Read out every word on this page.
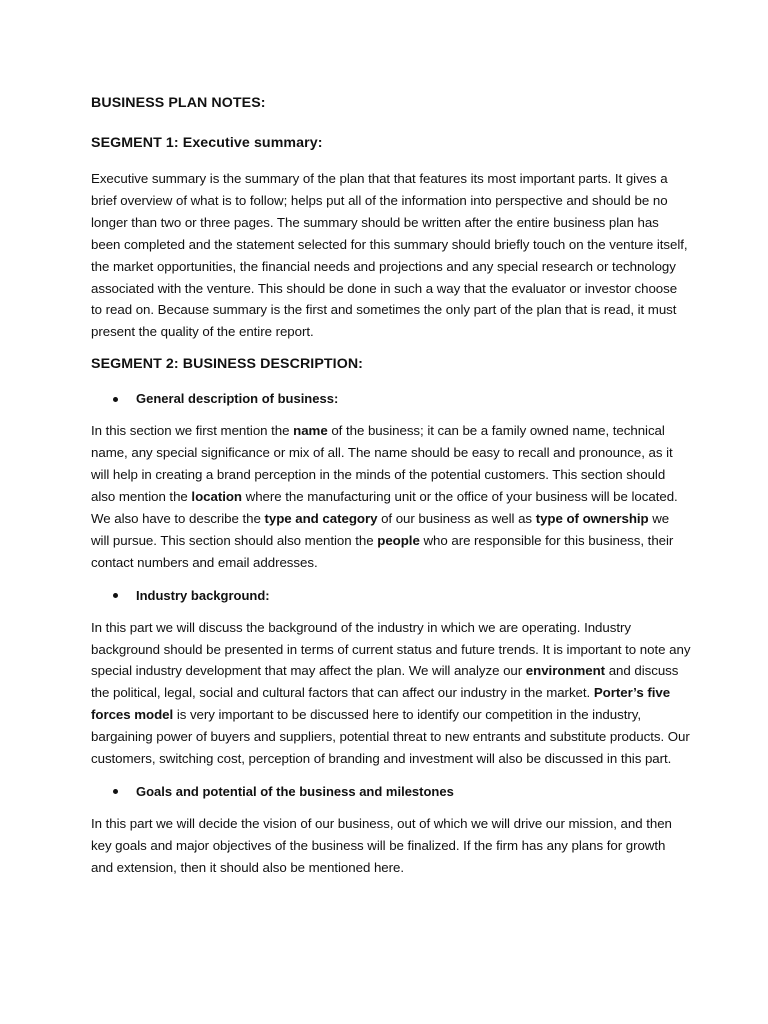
BUSINESS PLAN NOTES:
SEGMENT 1: Executive summary:

Executive summary is the summary of the plan that that features its most important parts. It gives a brief overview of what is to follow; helps put all of the information into perspective and should be no longer than two or three pages. The summary should be written after the entire business plan has been completed and the statement selected for this summary should briefly touch on the venture itself, the market opportunities, the financial needs and projections and any special research or technology associated with the venture. This should be done in such a way that the evaluator or investor choose to read on. Because summary is the first and sometimes the only part of the plan that is read, it must present the quality of the entire report.

SEGMENT 2: BUSINESS DESCRIPTION:
General description of business:

In this section we first mention the name of the business; it can be a family owned name, technical name, any special significance or mix of all. The name should be easy to recall and pronounce, as it will help in creating a brand perception in the minds of the potential customers. This section should also mention the location where the manufacturing unit or the office of your business will be located. We also have to describe the type and category of our business as well as type of ownership we will pursue. This section should also mention the people who are responsible for this business, their contact numbers and email addresses.

Industry background:

In this part we will discuss the background of the industry in which we are operating. Industry background should be presented in terms of current status and future trends. It is important to note any special industry development that may affect the plan. We will analyze our environment and discuss the political, legal, social and cultural factors that can affect our industry in the market. Porter’s five forces model is very important to be discussed here to identify our competition in the industry, bargaining power of buyers and suppliers, potential threat to new entrants and substitute products. Our customers, switching cost, perception of branding and investment will also be discussed in this part.

Goals and potential of the business and milestones

In this part we will decide the vision of our business, out of which we will drive our mission, and then key goals and major objectives of the business will be finalized. If the firm has any plans for growth and extension, then it should also be mentioned here.
